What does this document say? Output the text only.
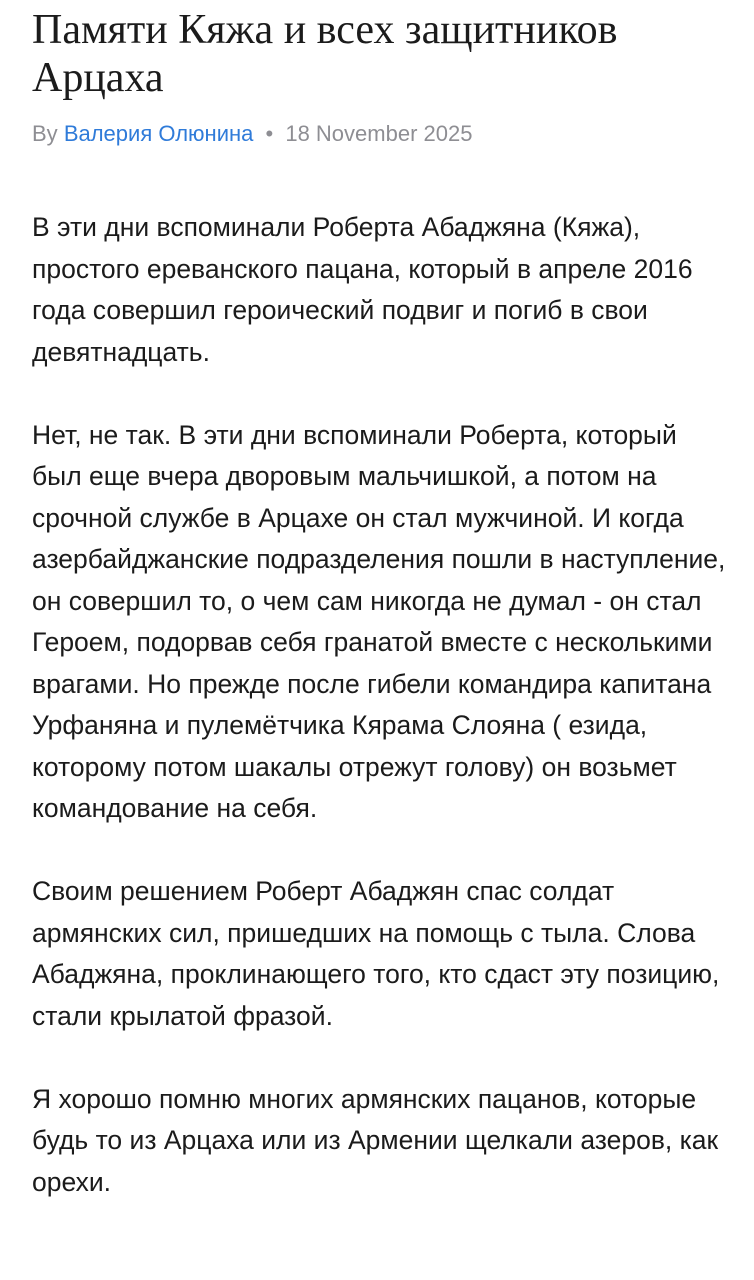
Памяти Кяжа и всех защитников Арцаха
By Валерия Олюнина • 18 November 2025

В эти дни вспоминали Роберта Абаджяна (Кяжа), простого ереванского пацана, который в апреле 2016 года совершил героический подвиг и погиб в свои девятнадцать.

Нет, не так. В эти дни вспоминали Роберта, который был еще вчера дворовым мальчишкой, а потом на срочной службе в Арцахе он стал мужчиной. И когда азербайджанские подразделения пошли в наступление, он совершил то, о чем сам никогда не думал - он стал Героем, подорвав себя гранатой вместе с несколькими врагами. Но прежде после гибели командира капитана Урфаняна и пулемётчика Кярама Слояна ( езида, которому потом шакалы отрежут голову) он возьмет командование на себя.

Своим решением Роберт Абаджян спас солдат армянских сил, пришедших на помощь с тыла. Слова Абаджяна, проклинающего того, кто сдаст эту позицию, стали крылатой фразой.

Я хорошо помню многих армянских пацанов, которые будь то из Арцаха или из Армении щелкали азеров, как орехи.
